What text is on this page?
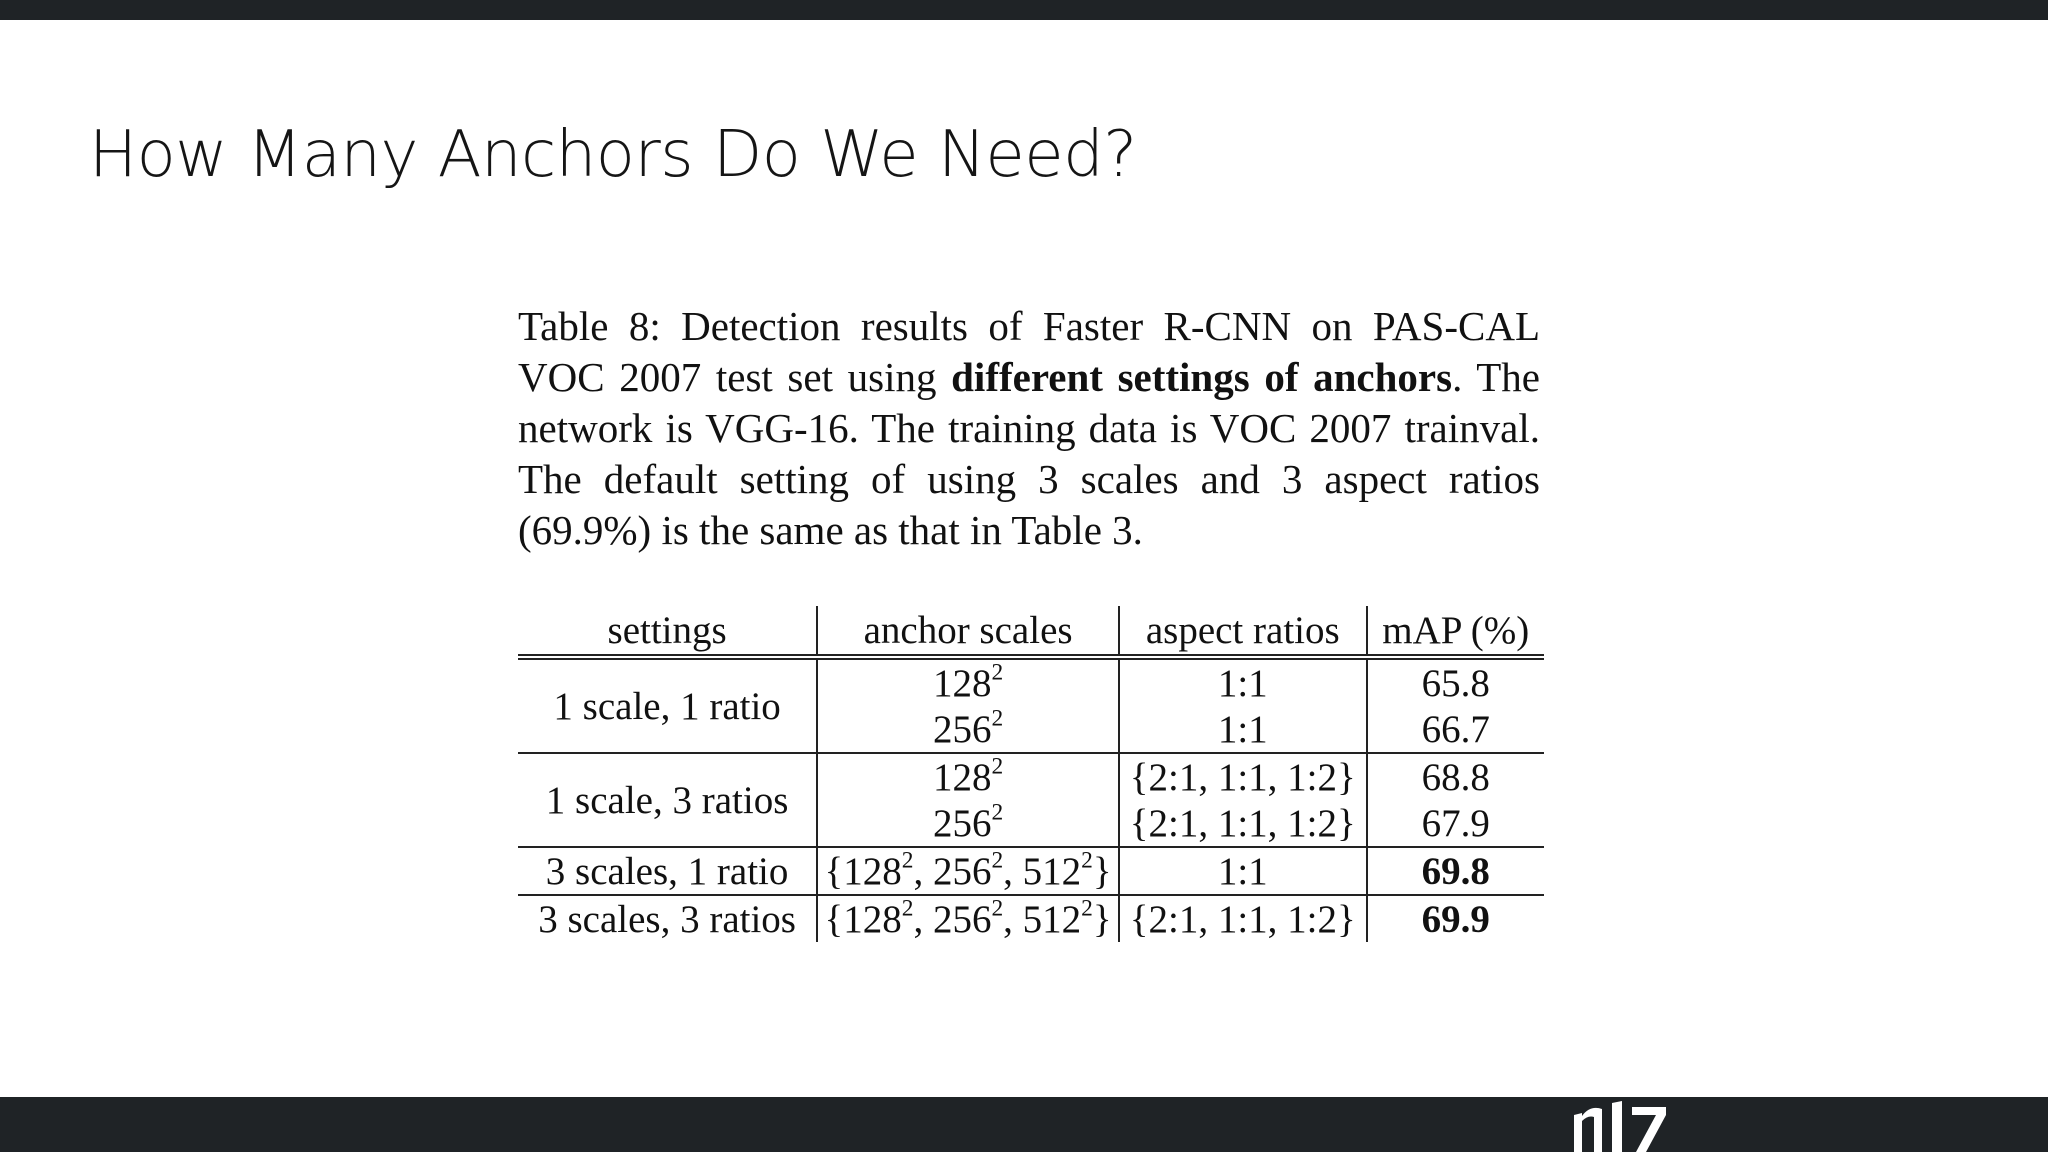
How Many Anchors Do We Need?

Table 8: Detection results of Faster R-CNN on PAS-CAL VOC 2007 test set using different settings of anchors. The network is VGG-16. The training data is VOC 2007 trainval. The default setting of using 3 scales and 3 aspect ratios (69.9%) is the same as that in Table 3.

settings	anchor scales	aspect ratios	mAP (%)
1 scale, 1 ratio	$128^2$	1:1	65.8
	$256^2$	1:1	66.7
1 scale, 3 ratios	$128^2$	{2:1, 1:1, 1:2}	68.8
	$256^2$	{2:1, 1:1, 1:2}	67.9
3 scales, 1 ratio	{$128^2$, $256^2$, $512^2$}	1:1	69.8
3 scales, 3 ratios	{$128^2$, $256^2$, $512^2$}	{2:1, 1:1, 1:2}	69.9
